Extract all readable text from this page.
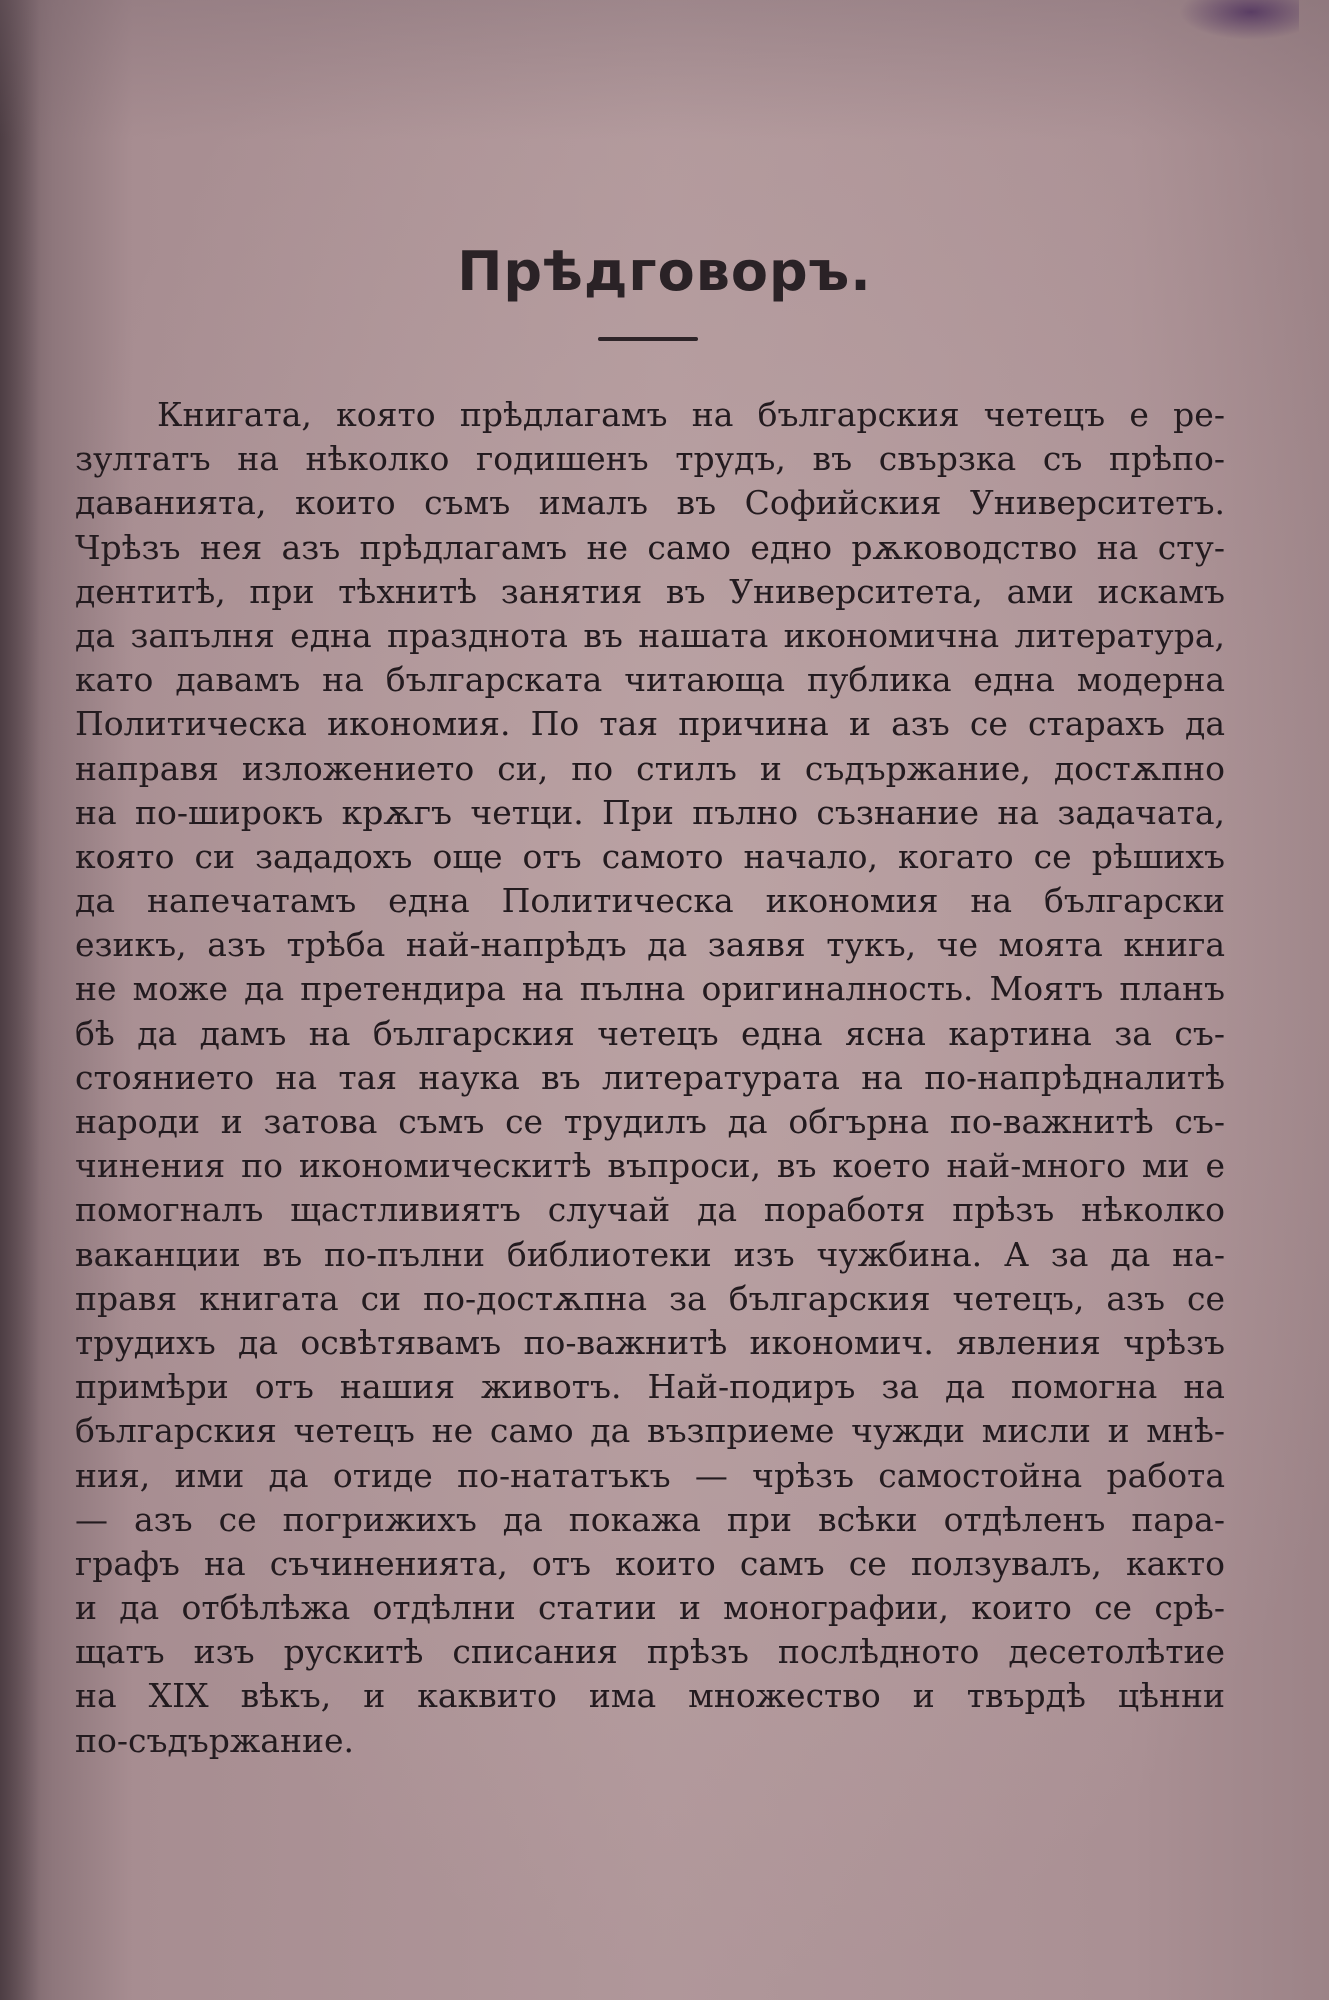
Прѣдговоръ.
Книгата, която прѣдлагамъ на българския четецъ е ре-
зултатъ на нѣколко годишенъ трудъ, въ свързка съ прѣпо-
даванията, които съмъ имaлъ въ Софийския Университетъ.
Чрѣзъ нея азъ прѣдлагамъ не само едно рѫководство на сту-
дентитѣ, при тѣхнитѣ занятия въ Университета, ами искамъ
да запълня една празднота въ нашата икономична литература,
като давамъ на българската читающа публика една модерна
Политическа икономия. По тая причина и азъ се старахъ да
направя изложението си, по стилъ и съдържание, достѫпно
на по-широкъ крѫгъ четци. При пълно съзнание на задачата,
която си зададохъ още отъ самото начало, когато се рѣшихъ
да напечатамъ една Политическа икономия на български
езикъ, азъ трѣба най-напрѣдъ да заявя тукъ, че моята книга
не може да претендира на пълна оригиналность. Моятъ планъ
бѣ да дамъ на българския четецъ една ясна картина за съ-
стоянието на тая наука въ литературата на по-напрѣдналитѣ
народи и затова съмъ се трудилъ да обгърна по-важнитѣ съ-
чинения по икономическитѣ въпроси, въ което най-много ми е
помогналъ щастливиятъ случай да поработя прѣзъ нѣколко
ваканции въ по-пълни библиотеки изъ чужбина. А за да на-
правя книгата си по-достѫпна за българския четецъ, азъ се
трудихъ да освѣтявамъ по-важнитѣ икономич. явления чрѣзъ
примѣри отъ нашия животъ. Най-подиръ за да помогна на
българския четецъ не само да възприеме чужди мисли и мнѣ-
ния, ими да отиде по-нататъкъ — чрѣзъ самостойна работа
— азъ се погрижихъ да покажа при всѣки отдѣленъ пара-
графъ на съчиненията, отъ които самъ се ползувалъ, както
и да отбѣлѣжа отдѣлни статии и монографии, които се срѣ-
щатъ изъ рускитѣ списания прѣзъ послѣдното десетолѣтие
на XIX вѣкъ, и каквито има множество и твърдѣ цѣнни
по-съдържание.
